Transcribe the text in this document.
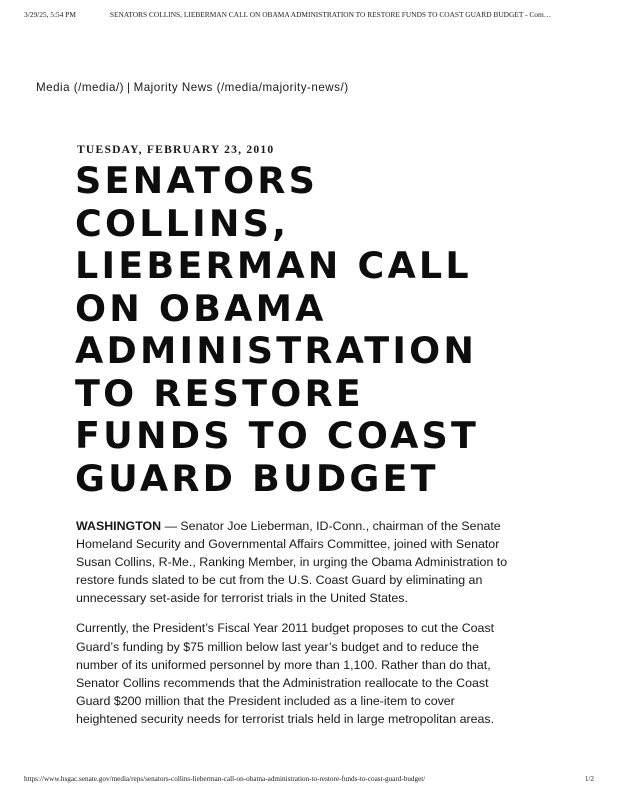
3/29/25, 5:54 PM	SENATORS COLLINS, LIEBERMAN CALL ON OBAMA ADMINISTRATION TO RESTORE FUNDS TO COAST GUARD BUDGET - Com…
Media (/media/) | Majority News (/media/majority-news/)
TUESDAY, FEBRUARY 23, 2010
SENATORS
COLLINS,
LIEBERMAN CALL
ON OBAMA
ADMINISTRATION
TO RESTORE
FUNDS TO COAST
GUARD BUDGET

WASHINGTON — Senator Joe Lieberman, ID-Conn., chairman of the Senate
Homeland Security and Governmental Affairs Committee, joined with Senator
Susan Collins, R-Me., Ranking Member, in urging the Obama Administration to
restore funds slated to be cut from the U.S. Coast Guard by eliminating an
unnecessary set-aside for terrorist trials in the United States.

Currently, the President’s Fiscal Year 2011 budget proposes to cut the Coast
Guard’s funding by $75 million below last year’s budget and to reduce the
number of its uniformed personnel by more than 1,100. Rather than do that,
Senator Collins recommends that the Administration reallocate to the Coast
Guard $200 million that the President included as a line-item to cover
heightened security needs for terrorist trials held in large metropolitan areas.

https://www.hsgac.senate.gov/media/reps/senators-collins-lieberman-call-on-obama-administration-to-restore-funds-to-coast-guard-budget/	1/2
